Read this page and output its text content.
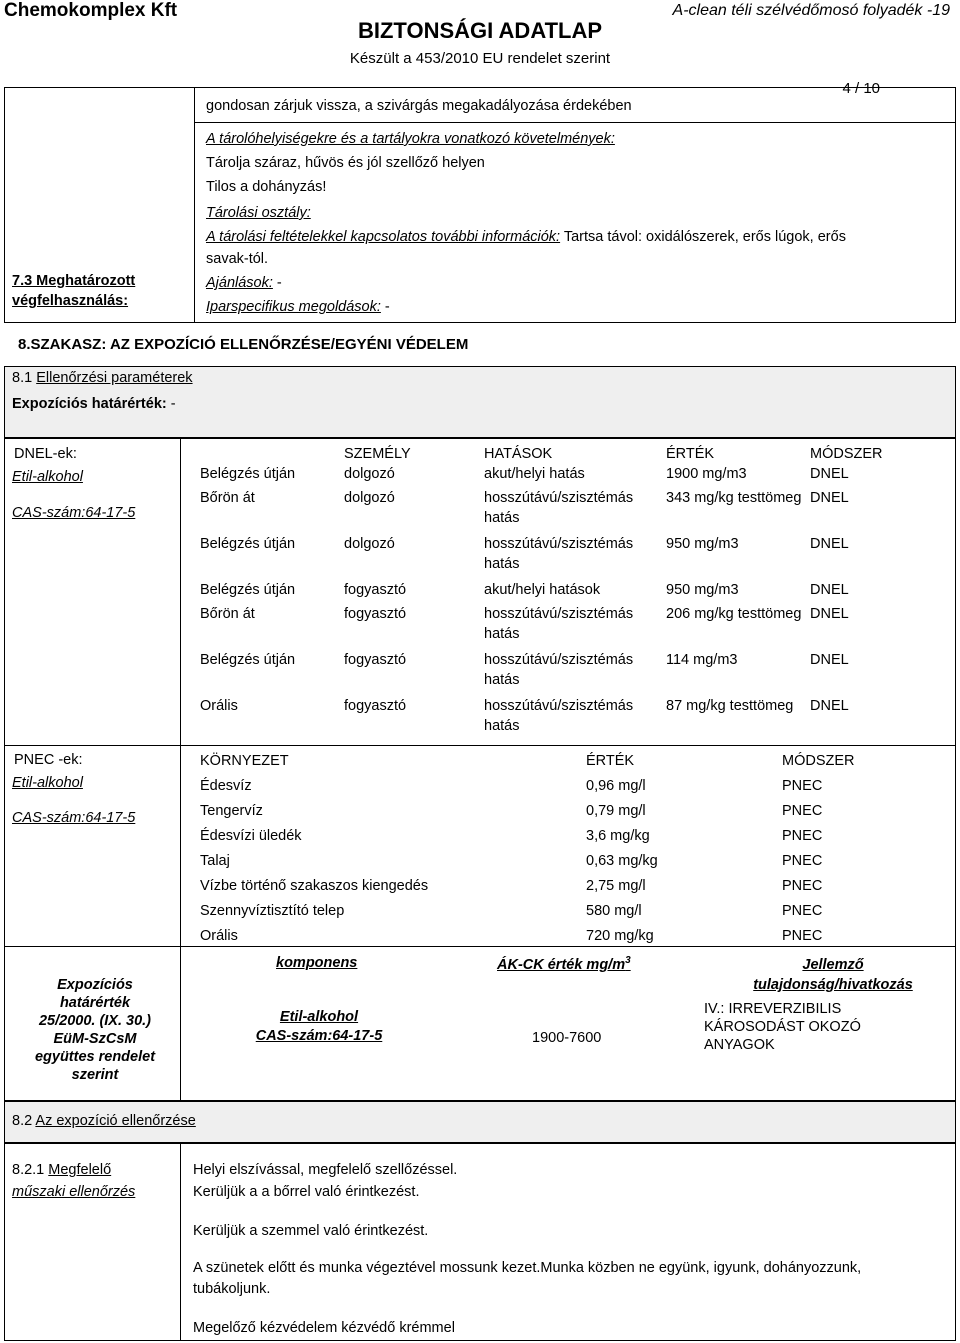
Chemokomplex Kft
BIZTONSÁGI ADATLAP
Készült a 453/2010 EU rendelet szerint
A-clean téli szélvédőmosó folyadék -19
4 / 10
7.3 Meghatározott
végfelhasználás:
gondosan zárjuk vissza, a szivárgás megakadályozása érdekében
A tárolóhelyiségekre és a tartályokra vonatkozó követelmények:
Tárolja száraz, hűvös és jól szellőző helyen
Tilos a dohányzás!
Tárolási osztály:
A tárolási feltételekkel kapcsolatos további információk: Tartsa távol: oxidálószerek, erős lúgok, erős
savak-tól.
Ajánlások: -
Iparspecifikus megoldások: -
8.SZAKASZ: AZ EXPOZÍCIÓ ELLENŐRZÉSE/EGYÉNI VÉDELEM
8.1 Ellenőrzési paraméterek
Expozíciós határérték: -
DNEL-ek:
Etil-alkohol
CAS-szám:64-17-5
	SZEMÉLY	HATÁSOK	ÉRTÉK	MÓDSZER
Belégzés útján	dolgozó	akut/helyi hatás	1900 mg/m3	DNEL
Bőrön át	dolgozó	hosszútávú/szisztémás hatás	343 mg/kg testtömeg	DNEL
Belégzés útján	dolgozó	hosszútávú/szisztémás hatás	950 mg/m3	DNEL
Belégzés útján	fogyasztó	akut/helyi hatások	950 mg/m3	DNEL
Bőrön át	fogyasztó	hosszútávú/szisztémás hatás	206 mg/kg testtömeg	DNEL
Belégzés útján	fogyasztó	hosszútávú/szisztémás hatás	114 mg/m3	DNEL
Orális	fogyasztó	hosszútávú/szisztémás hatás	87 mg/kg testtömeg	DNEL
PNEC -ek:
Etil-alkohol
CAS-szám:64-17-5
KÖRNYEZET	ÉRTÉK	MÓDSZER
Édesvíz	0,96 mg/l	PNEC
Tengervíz	0,79 mg/l	PNEC
Édesvízi üledék	3,6 mg/kg	PNEC
Talaj	0,63 mg/kg	PNEC
Vízbe történő szakaszos kiengedés	2,75 mg/l	PNEC
Szennyvíztisztító telep	580 mg/l	PNEC
Orális	720 mg/kg	PNEC
Expozíciós
határérték
25/2000. (IX. 30.)
EüM-SzCsM
együttes rendelet
szerint
komponens	ÁK-CK érték $mg/m^3$	Jellemző
tulajdonság/hivatkozás
Etil-alkohol
CAS-szám:64-17-5	1900-7600
IV.: IRREVERZIBILIS
KÁROSODÁST OKOZÓ
ANYAGOK
8.2 Az expozíció ellenőrzése
8.2.1 Megfelelő
műszaki ellenőrzés
Helyi elszívással, megfelelő szellőzéssel.
Kerüljük a a bőrrel való érintkezést.
Kerüljük a szemmel való érintkezést.
A szünetek előtt és munka végeztével mossunk kezet.Munka közben ne együnk, igyunk, dohányozzunk,
tubákoljunk.
Megelőző kézvédelem kézvédő krémmel
